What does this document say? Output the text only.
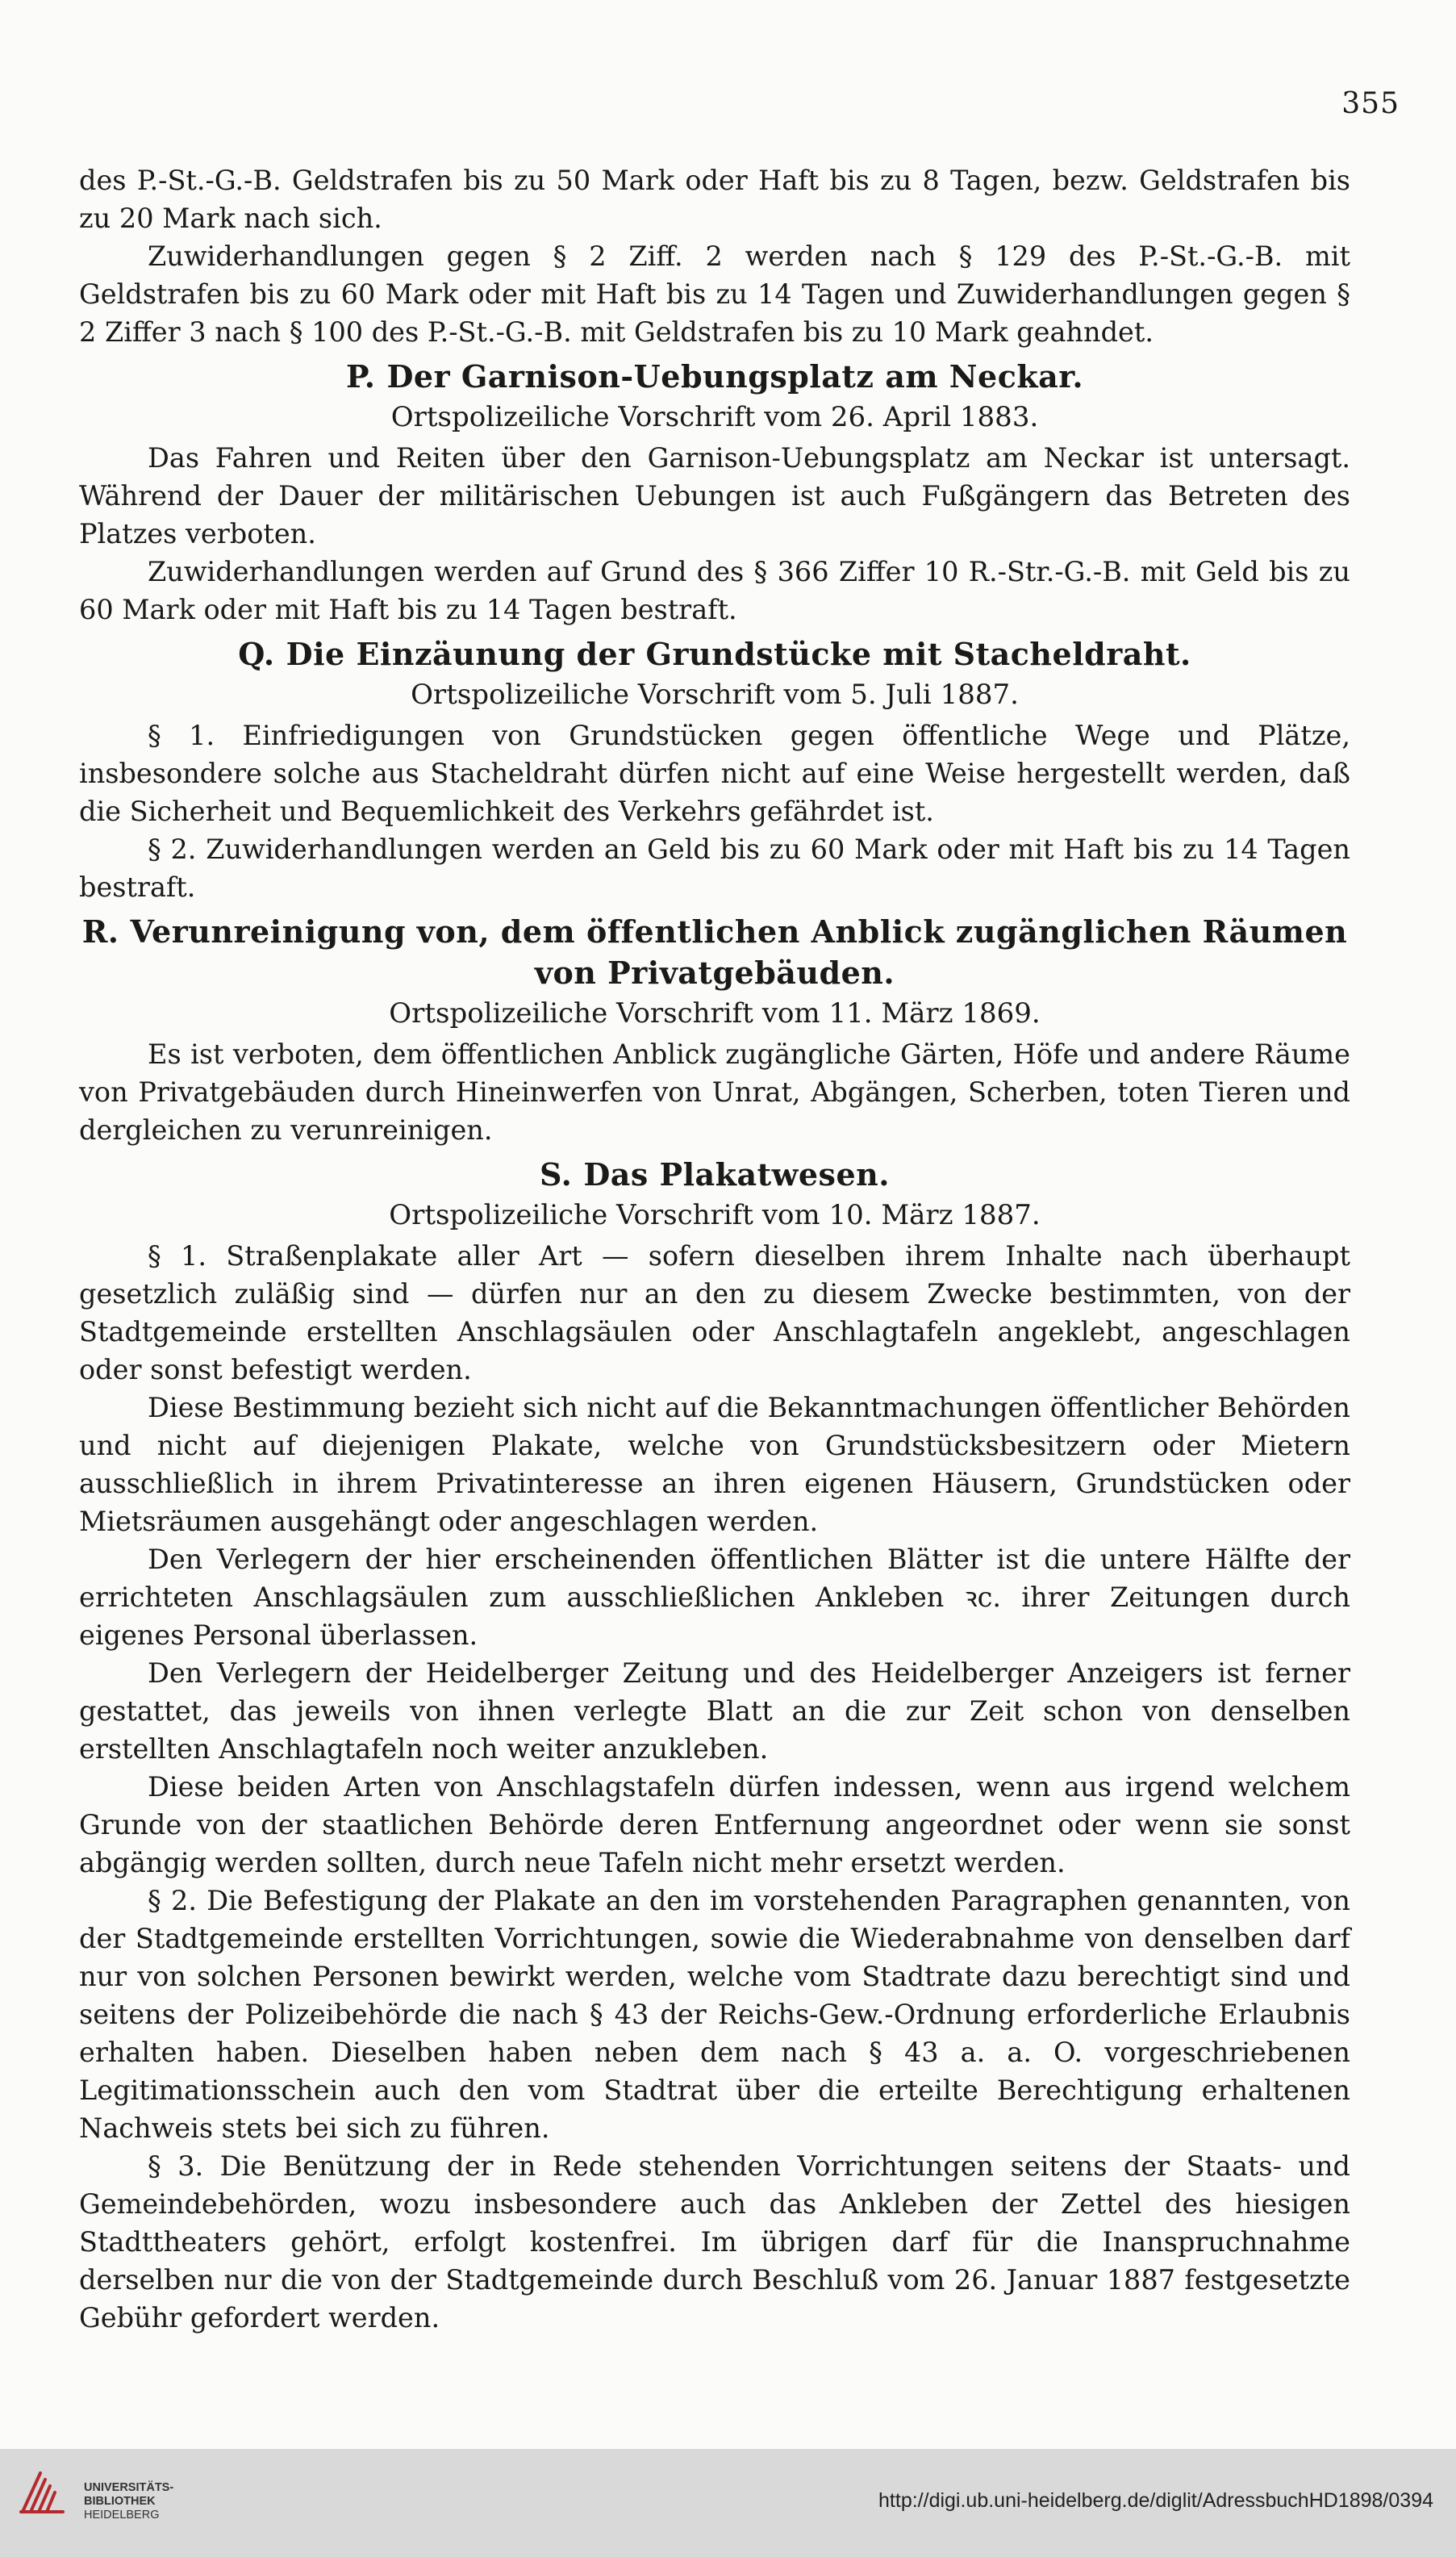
355

des P.-St.-G.-B. Geldstrafen bis zu 50 Mark oder Haft bis zu 8 Tagen, bezw. Geldstrafen bis zu 20 Mark nach sich.

Zuwiderhandlungen gegen § 2 Ziff. 2 werden nach § 129 des P.-St.-G.-B. mit Geldstrafen bis zu 60 Mark oder mit Haft bis zu 14 Tagen und Zuwiderhandlungen gegen § 2 Ziffer 3 nach § 100 des P.-St.-G.-B. mit Geldstrafen bis zu 10 Mark geahndet.

P. Der Garnison-Uebungsplatz am Neckar.
Ortspolizeiliche Vorschrift vom 26. April 1883.

Das Fahren und Reiten über den Garnison-Uebungsplatz am Neckar ist untersagt. Während der Dauer der militärischen Uebungen ist auch Fußgängern das Betreten des Platzes verboten.

Zuwiderhandlungen werden auf Grund des § 366 Ziffer 10 R.-Str.-G.-B. mit Geld bis zu 60 Mark oder mit Haft bis zu 14 Tagen bestraft.

Q. Die Einzäunung der Grundstücke mit Stacheldraht.
Ortspolizeiliche Vorschrift vom 5. Juli 1887.

§ 1. Einfriedigungen von Grundstücken gegen öffentliche Wege und Plätze, insbesondere solche aus Stacheldraht dürfen nicht auf eine Weise hergestellt werden, daß die Sicherheit und Bequemlichkeit des Verkehrs gefährdet ist.

§ 2. Zuwiderhandlungen werden an Geld bis zu 60 Mark oder mit Haft bis zu 14 Tagen bestraft.

R. Verunreinigung von, dem öffentlichen Anblick zugänglichen Räumen von Privatgebäuden.
Ortspolizeiliche Vorschrift vom 11. März 1869.

Es ist verboten, dem öffentlichen Anblick zugängliche Gärten, Höfe und andere Räume von Privatgebäuden durch Hineinwerfen von Unrat, Abgängen, Scherben, toten Tieren und dergleichen zu verunreinigen.

S. Das Plakatwesen.
Ortspolizeiliche Vorschrift vom 10. März 1887.

§ 1. Straßenplakate aller Art — sofern dieselben ihrem Inhalte nach überhaupt gesetzlich zuläßig sind — dürfen nur an den zu diesem Zwecke bestimmten, von der Stadtgemeinde erstellten Anschlagsäulen oder Anschlagtafeln angeklebt, angeschlagen oder sonst befestigt werden.

Diese Bestimmung bezieht sich nicht auf die Bekanntmachungen öffentlicher Behörden und nicht auf diejenigen Plakate, welche von Grundstücksbesitzern oder Mietern ausschließlich in ihrem Privatinteresse an ihren eigenen Häusern, Grundstücken oder Mietsräumen ausgehängt oder angeschlagen werden.

Den Verlegern der hier erscheinenden öffentlichen Blätter ist die untere Hälfte der errichteten Anschlagsäulen zum ausschließlichen Ankleben ꝛc. ihrer Zeitungen durch eigenes Personal überlassen.

Den Verlegern der Heidelberger Zeitung und des Heidelberger Anzeigers ist ferner gestattet, das jeweils von ihnen verlegte Blatt an die zur Zeit schon von denselben erstellten Anschlagtafeln noch weiter anzukleben.

Diese beiden Arten von Anschlagstafeln dürfen indessen, wenn aus irgend welchem Grunde von der staatlichen Behörde deren Entfernung angeordnet oder wenn sie sonst abgängig werden sollten, durch neue Tafeln nicht mehr ersetzt werden.

§ 2. Die Befestigung der Plakate an den im vorstehenden Paragraphen genannten, von der Stadtgemeinde erstellten Vorrichtungen, sowie die Wiederabnahme von denselben darf nur von solchen Personen bewirkt werden, welche vom Stadtrate dazu berechtigt sind und seitens der Polizeibehörde die nach § 43 der Reichs-Gew.-Ordnung erforderliche Erlaubnis erhalten haben. Dieselben haben neben dem nach § 43 a. a. O. vorgeschriebenen Legitimationsschein auch den vom Stadtrat über die erteilte Berechtigung erhaltenen Nachweis stets bei sich zu führen.

§ 3. Die Benützung der in Rede stehenden Vorrichtungen seitens der Staats- und Gemeindebehörden, wozu insbesondere auch das Ankleben der Zettel des hiesigen Stadttheaters gehört, erfolgt kostenfrei. Im übrigen darf für die Inanspruchnahme derselben nur die von der Stadtgemeinde durch Beschluß vom 26. Januar 1887 festgesetzte Gebühr gefordert werden.

UNIVERSITÄTS-
BIBLIOTHEK
HEIDELBERG
http://digi.ub.uni-heidelberg.de/diglit/AdressbuchHD1898/0394
